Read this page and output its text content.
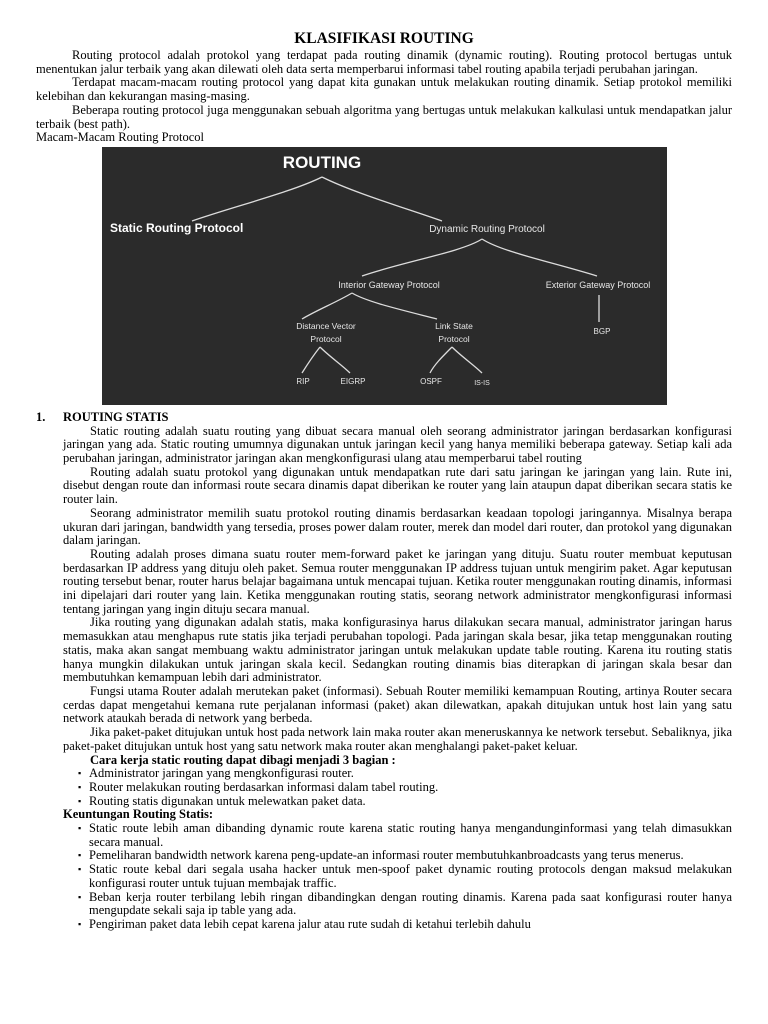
KLASIFIKASI ROUTING

Routing protocol adalah protokol yang terdapat pada routing dinamik (dynamic routing). Routing protocol bertugas untuk menentukan jalur terbaik yang akan dilewati oleh data serta memperbarui informasi tabel routing apabila terjadi perubahan jaringan.

Terdapat macam-macam routing protocol yang dapat kita gunakan untuk melakukan routing dinamik. Setiap protokol memiliki kelebihan dan kekurangan masing-masing.

Beberapa routing protocol juga menggunakan sebuah algoritma yang bertugas untuk melakukan kalkulasi untuk mendapatkan jalur terbaik (best path).

Macam-Macam Routing Protocol

ROUTING
Static Routing Protocol	Dynamic Routing Protocol
Interior Gateway Protocol	Exterior Gateway Protocol
Distance Vector
Protocol
Link State
Protocol
BGP
RIP	EIGRP	OSPF	IS-IS
1.	ROUTING STATIS

Static routing adalah suatu routing yang dibuat secara manual oleh seorang administrator jaringan berdasarkan konfigurasi jaringan yang ada. Static routing umumnya digunakan untuk jaringan kecil yang hanya memiliki beberapa gateway. Setiap kali ada perubahan jaringan, administrator jaringan akan mengkonfigurasi ulang atau memperbarui tabel routing

Routing adalah suatu protokol yang digunakan untuk mendapatkan rute dari satu jaringan ke jaringan yang lain. Rute ini, disebut dengan route dan informasi route secara dinamis dapat diberikan ke router yang lain ataupun dapat diberikan secara statis ke router lain.

Seorang administrator memilih suatu protokol routing dinamis berdasarkan keadaan topologi jaringannya. Misalnya berapa ukuran dari jaringan, bandwidth yang tersedia, proses power dalam router, merek dan model dari router, dan protokol yang digunakan dalam jaringan.

Routing adalah proses dimana suatu router mem-forward paket ke jaringan yang dituju. Suatu router membuat keputusan berdasarkan IP address yang dituju oleh paket. Semua router menggunakan IP address tujuan untuk mengirim paket. Agar keputusan routing tersebut benar, router harus belajar bagaimana untuk mencapai tujuan. Ketika router menggunakan routing dinamis, informasi ini dipelajari dari router yang lain. Ketika menggunakan routing statis, seorang network administrator mengkonfigurasi informasi tentang jaringan yang ingin dituju secara manual.

Jika routing yang digunakan adalah statis, maka konfigurasinya harus dilakukan secara manual, administrator jaringan harus memasukkan atau menghapus rute statis jika terjadi perubahan topologi. Pada jaringan skala besar, jika tetap menggunakan routing statis, maka akan sangat membuang waktu administrator jaringan untuk melakukan update table routing. Karena itu routing statis hanya mungkin dilakukan untuk jaringan skala kecil. Sedangkan routing dinamis bias diterapkan di jaringan skala besar dan membutuhkan kemampuan lebih dari administrator.

Fungsi utama Router adalah merutekan paket (informasi). Sebuah Router memiliki kemampuan Routing, artinya Router secara cerdas dapat mengetahui kemana rute perjalanan informasi (paket) akan dilewatkan, apakah ditujukan untuk host lain yang satu network ataukah berada di network yang berbeda.

Jika paket-paket ditujukan untuk host pada network lain maka router akan meneruskannya ke network tersebut. Sebaliknya, jika paket-paket ditujukan untuk host yang satu network maka router akan menghalangi paket-paket keluar.

Cara kerja static routing dapat dibagi menjadi 3 bagian :
▪ Administrator jaringan yang mengkonfigurasi router.
▪ Router melakukan routing berdasarkan informasi dalam tabel routing.
▪ Routing statis digunakan untuk melewatkan paket data.
Keuntungan Routing Statis:
▪ Static route lebih aman dibanding dynamic route karena static routing hanya mengandunginformasi yang telah dimasukkan secara manual.
▪ Pemeliharan bandwidth network karena peng-update-an informasi router membutuhkanbroadcasts yang terus menerus.
▪ Static route kebal dari segala usaha hacker untuk men-spoof paket dynamic routing protocols dengan maksud melakukan konfigurasi router untuk tujuan membajak traffic.
▪ Beban kerja router terbilang lebih ringan dibandingkan dengan routing dinamis. Karena pada saat konfigurasi router hanya mengupdate sekali saja ip table yang ada.
▪ Pengiriman paket data lebih cepat karena jalur atau rute sudah di ketahui terlebih dahulu
